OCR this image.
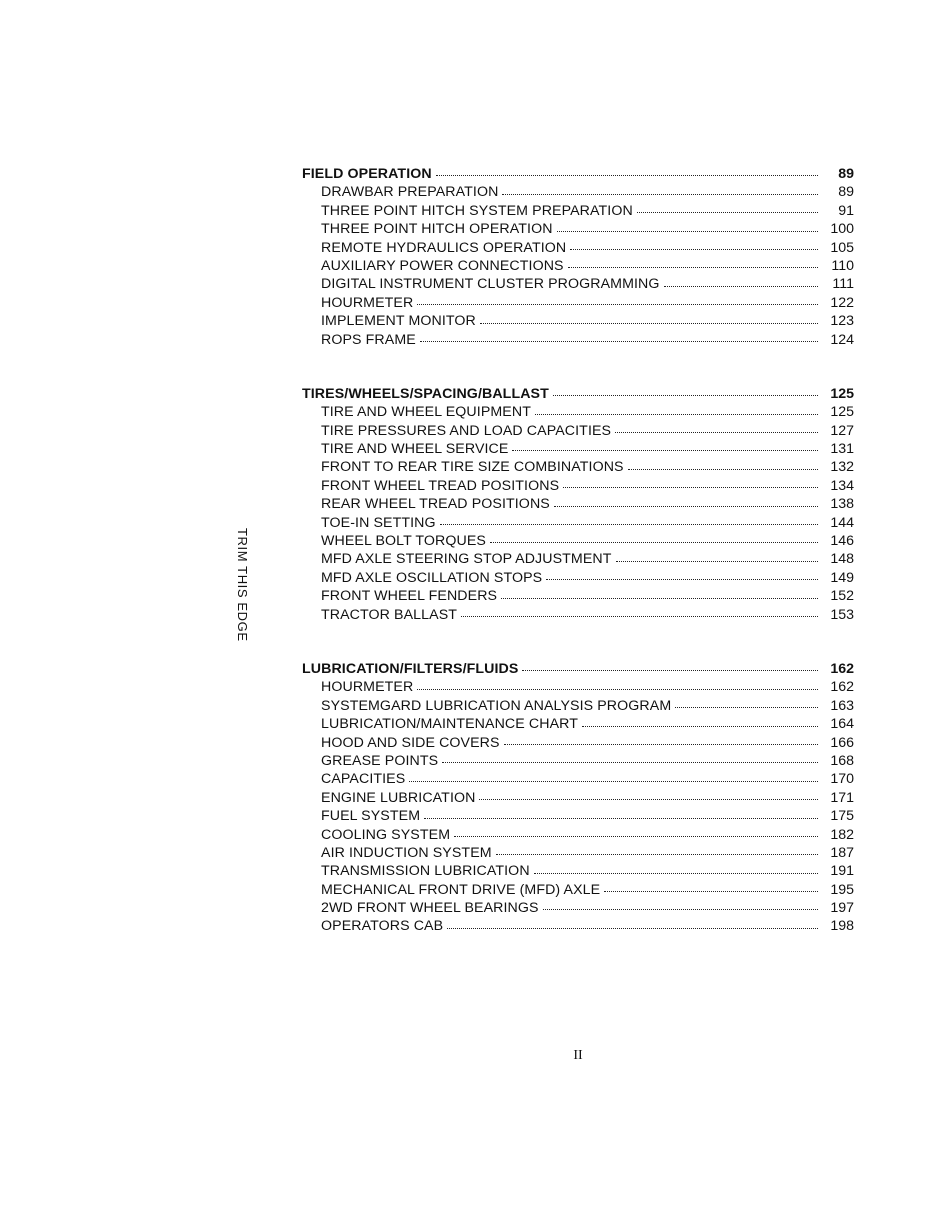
TRIM THIS EDGE
FIELD OPERATION	89
DRAWBAR PREPARATION	89
THREE POINT HITCH SYSTEM PREPARATION	91
THREE POINT HITCH OPERATION	100
REMOTE HYDRAULICS OPERATION	105
AUXILIARY POWER CONNECTIONS	110
DIGITAL INSTRUMENT CLUSTER PROGRAMMING	111
HOURMETER	122
IMPLEMENT MONITOR	123
ROPS FRAME	124
TIRES/WHEELS/SPACING/BALLAST	125
TIRE AND WHEEL EQUIPMENT	125
TIRE PRESSURES AND LOAD CAPACITIES	127
TIRE AND WHEEL SERVICE	131
FRONT TO REAR TIRE SIZE COMBINATIONS	132
FRONT WHEEL TREAD POSITIONS	134
REAR WHEEL TREAD POSITIONS	138
TOE-IN SETTING	144
WHEEL BOLT TORQUES	146
MFD AXLE STEERING STOP ADJUSTMENT	148
MFD AXLE OSCILLATION STOPS	149
FRONT WHEEL FENDERS	152
TRACTOR BALLAST	153
LUBRICATION/FILTERS/FLUIDS	162
HOURMETER	162
SYSTEMGARD LUBRICATION ANALYSIS PROGRAM	163
LUBRICATION/MAINTENANCE CHART	164
HOOD AND SIDE COVERS	166
GREASE POINTS	168
CAPACITIES	170
ENGINE LUBRICATION	171
FUEL SYSTEM	175
COOLING SYSTEM	182
AIR INDUCTION SYSTEM	187
TRANSMISSION LUBRICATION	191
MECHANICAL FRONT DRIVE (MFD) AXLE	195
2WD FRONT WHEEL BEARINGS	197
OPERATORS CAB	198
II
